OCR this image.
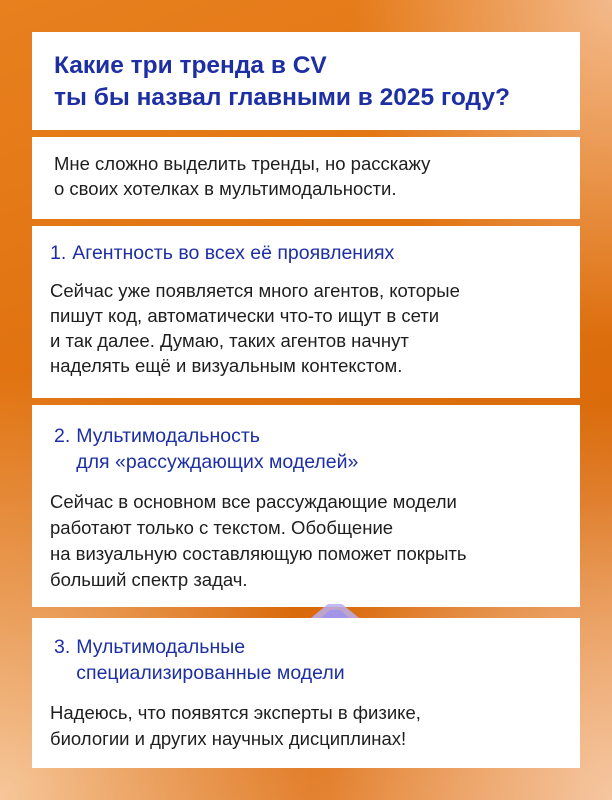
Какие три тренда в CV
ты бы назвал главными в 2025 году?

Мне сложно выделить тренды, но расскажу
о своих хотелках в мультимодальности.

1. Агентность во всех её проявлениях

Сейчас уже появляется много агентов, которые
пишут код, автоматически что-то ищут в сети
и так далее. Думаю, таких агентов начнут
наделять ещё и визуальным контекстом.

2. Мультимодальность
для «рассуждающих моделей»

Сейчас в основном все рассуждающие модели
работают только с текстом. Обобщение
на визуальную составляющую поможет покрыть
больший спектр задач.

3. Мультимодальные
специализированные модели

Надеюсь, что появятся эксперты в физике,
биологии и других научных дисциплинах!
